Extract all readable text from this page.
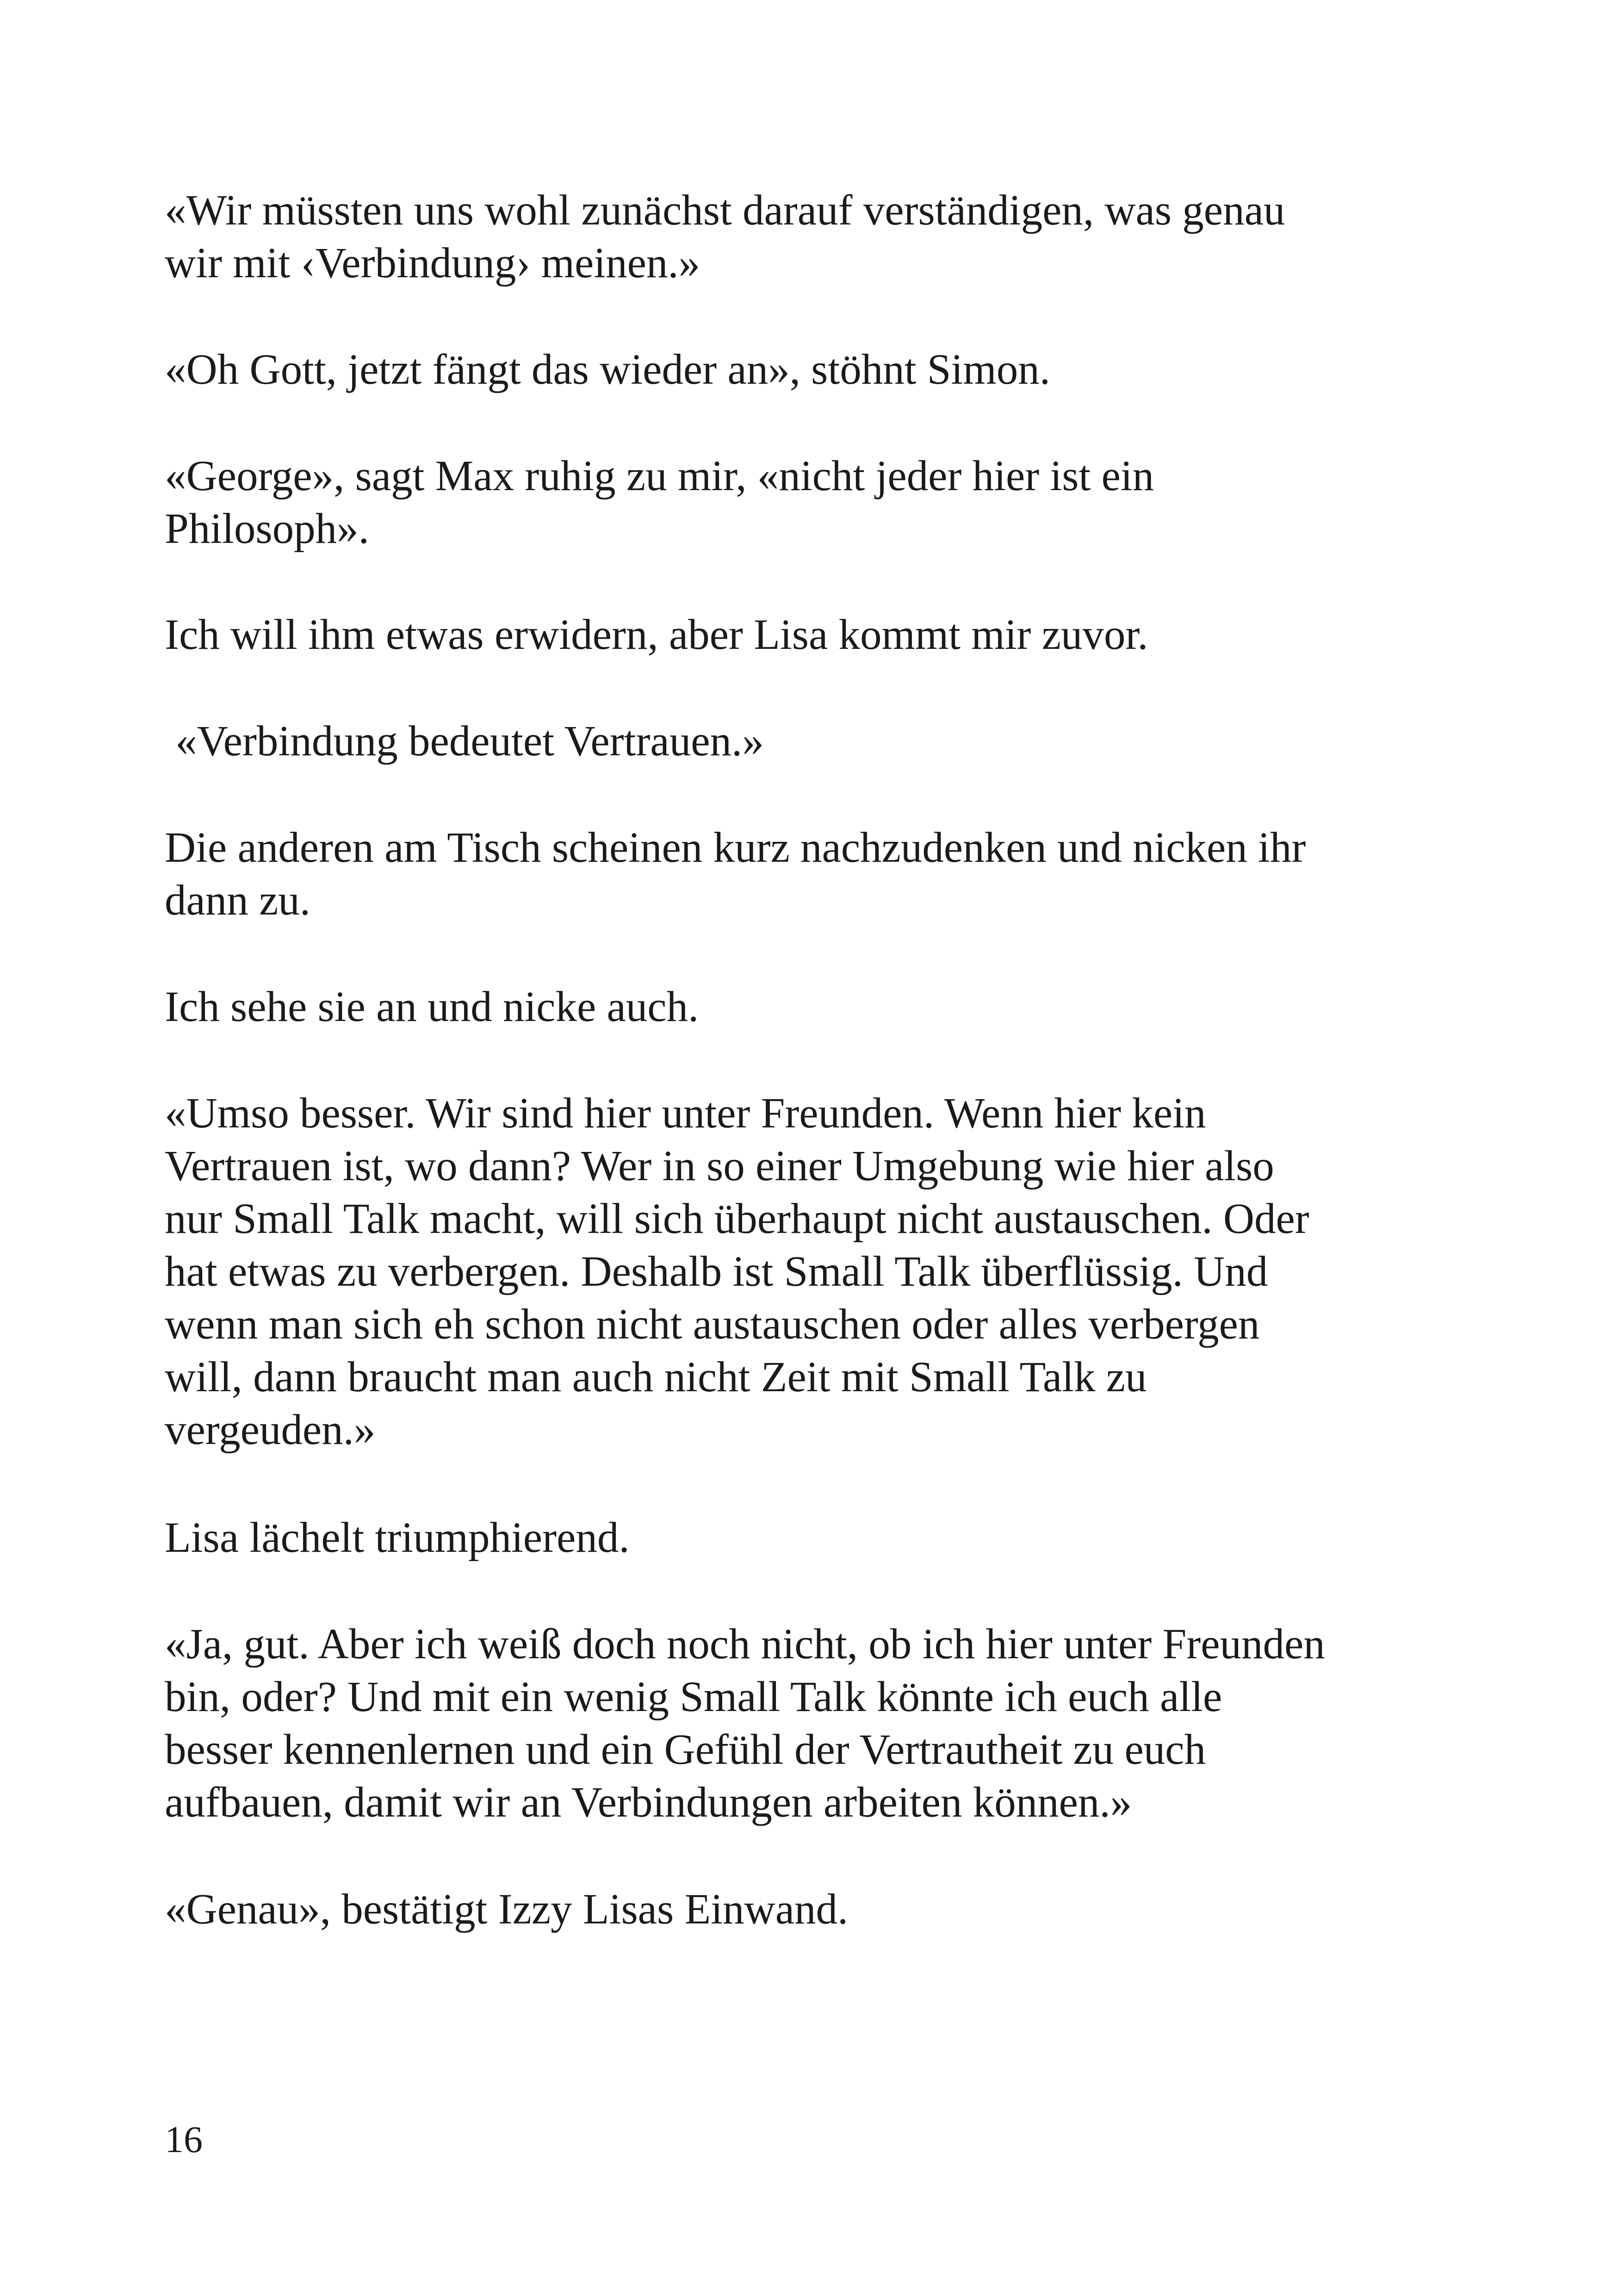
«Wir müssten uns wohl zunächst darauf verständigen, was genau
wir mit ‹Verbindung› meinen.»

«Oh Gott, jetzt fängt das wieder an», stöhnt Simon.

«George», sagt Max ruhig zu mir, «nicht jeder hier ist ein
Philosoph».

Ich will ihm etwas erwidern, aber Lisa kommt mir zuvor.

«Verbindung bedeutet Vertrauen.»

Die anderen am Tisch scheinen kurz nachzudenken und nicken ihr
dann zu.

Ich sehe sie an und nicke auch.

«Umso besser. Wir sind hier unter Freunden. Wenn hier kein
Vertrauen ist, wo dann? Wer in so einer Umgebung wie hier also
nur Small Talk macht, will sich überhaupt nicht austauschen. Oder
hat etwas zu verbergen. Deshalb ist Small Talk überflüssig. Und
wenn man sich eh schon nicht austauschen oder alles verbergen
will, dann braucht man auch nicht Zeit mit Small Talk zu
vergeuden.»

Lisa lächelt triumphierend.

«Ja, gut. Aber ich weiß doch noch nicht, ob ich hier unter Freunden
bin, oder? Und mit ein wenig Small Talk könnte ich euch alle
besser kennenlernen und ein Gefühl der Vertrautheit zu euch
aufbauen, damit wir an Verbindungen arbeiten können.»

«Genau», bestätigt Izzy Lisas Einwand.

16
